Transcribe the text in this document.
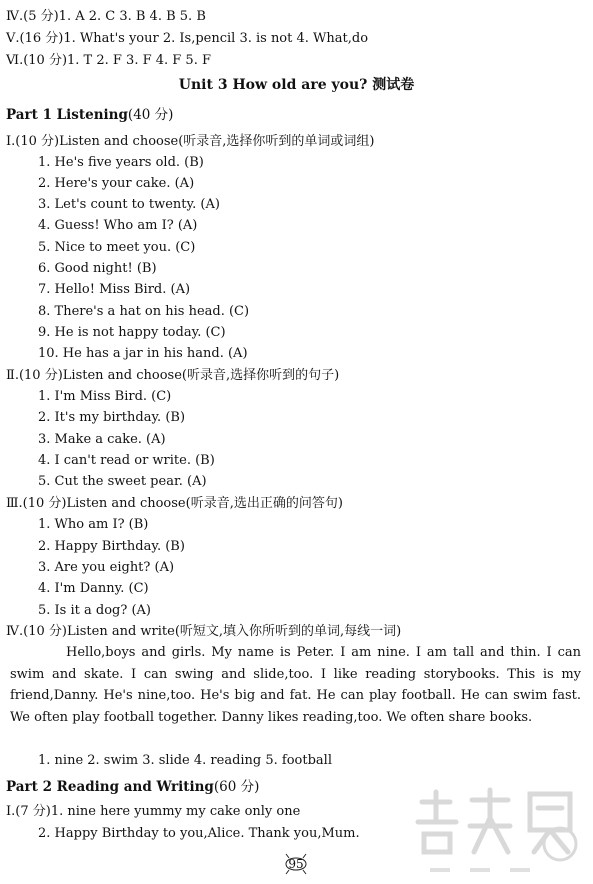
Ⅳ.(5 分)1. A 2. C 3. B 4. B 5. B
Ⅴ.(16 分)1. What's your 2. Is,pencil 3. is not 4. What,do
Ⅵ.(10 分)1. T 2. F 3. F 4. F 5. F
Unit 3 How old are you? 测试卷
Part 1 Listening(40 分)
Ⅰ.(10 分)Listen and choose(听录音,选择你听到的单词或词组)
1. He's five years old. (B)
2. Here's your cake. (A)
3. Let's count to twenty. (A)
4. Guess! Who am I? (A)
5. Nice to meet you. (C)
6. Good night! (B)
7. Hello! Miss Bird. (A)
8. There's a hat on his head. (C)
9. He is not happy today. (C)
10. He has a jar in his hand. (A)
Ⅱ.(10 分)Listen and choose(听录音,选择你听到的句子)
1. I'm Miss Bird. (C)
2. It's my birthday. (B)
3. Make a cake. (A)
4. I can't read or write. (B)
5. Cut the sweet pear. (A)
Ⅲ.(10 分)Listen and choose(听录音,选出正确的问答句)
1. Who am I? (B)
2. Happy Birthday. (B)
3. Are you eight? (A)
4. I'm Danny. (C)
5. Is it a dog? (A)
Ⅳ.(10 分)Listen and write(听短文,填入你所听到的单词,每线一词)
Hello,boys and girls. My name is Peter. I am nine. I am tall and thin. I can swim and skate. I can swing and slide,too. I like reading storybooks. This is my friend,Danny. He's nine,too. He's big and fat. He can play football. He can swim fast. We often play football together. Danny likes reading,too. We often share books.
1. nine 2. swim 3. slide 4. reading 5. football
Part 2 Reading and Writing(60 分)
Ⅰ.(7 分)1. nine here yummy my cake only one
2. Happy Birthday to you,Alice. Thank you,Mum.
95
